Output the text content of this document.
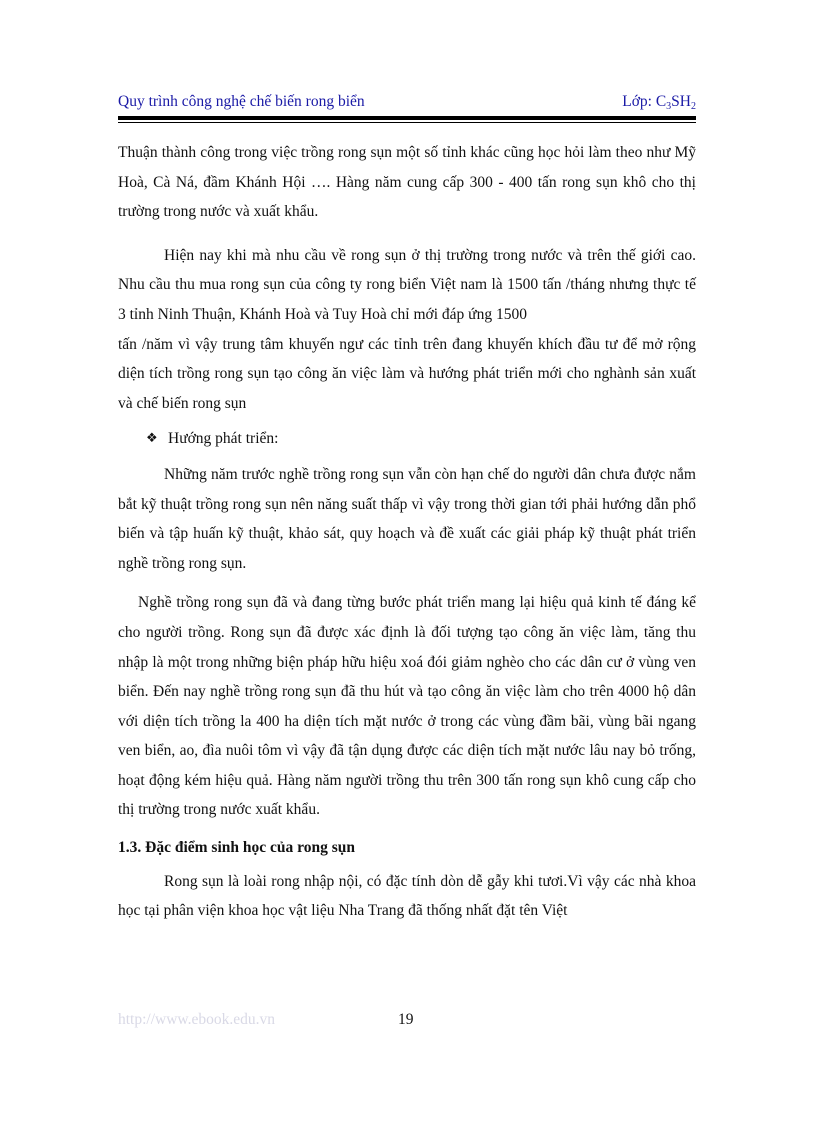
Quy trình công nghệ chế biến rong biển	Lớp: $C_3SH_2$

Thuận thành công trong việc trồng rong sụn một số tỉnh khác cũng học hỏi làm theo như Mỹ Hoà, Cà Ná, đầm Khánh Hội …. Hàng năm cung cấp 300 - 400 tấn rong sụn khô cho thị trường trong nước và xuất khẩu.

Hiện nay khi mà nhu cầu về rong sụn ở thị trường trong nước và trên thế giới cao. Nhu cầu thu mua rong sụn của công ty rong biển Việt nam là 1500 tấn /tháng nhưng thực tế 3 tỉnh Ninh Thuận, Khánh Hoà và Tuy Hoà chỉ mới đáp ứng 1500

tấn /năm vì vậy trung tâm khuyến ngư các tỉnh trên đang khuyến khích đầu tư để mở rộng diện tích trồng rong sụn tạo công ăn việc làm và hướng phát triển mới cho nghành sản xuất và chế biến rong sụn

❖ Hướng phát triển:

Những năm trước nghề trồng rong sụn vẫn còn hạn chế do người dân chưa được nắm bắt kỹ thuật trồng rong sụn nên năng suất thấp vì vậy trong thời gian tới phải hướng dẫn phổ biến và tập huấn kỹ thuật, khảo sát, quy hoạch và đề xuất các giải pháp kỹ thuật phát triển nghề trồng rong sụn.

Nghề trồng rong sụn đã và đang từng bước phát triển mang lại hiệu quả kinh tế đáng kể cho người trồng. Rong sụn đã được xác định là đối tượng tạo công ăn việc làm, tăng thu nhập là một trong những biện pháp hữu hiệu xoá đói giảm nghèo cho các dân cư ở vùng ven biển. Đến nay nghề trồng rong sụn đã thu hút và tạo công ăn việc làm cho trên 4000 hộ dân với diện tích trồng la 400 ha diện tích mặt nước ở trong các vùng đầm bãi, vùng bãi ngang ven biển, ao, đìa nuôi tôm vì vậy đã tận dụng được các diện tích mặt nước lâu nay bỏ trống, hoạt động kém hiệu quả. Hàng năm người trồng thu trên 300 tấn rong sụn khô cung cấp cho thị trường trong nước xuất khẩu.

1.3. Đặc điểm sinh học của rong sụn

Rong sụn là loài rong nhập nội, có đặc tính dòn dễ gẫy khi tươi.Vì vậy các nhà khoa học tại phân viện khoa học vật liệu Nha Trang đã thống nhất đặt tên Việt

http://www.ebook.edu.vn	19
